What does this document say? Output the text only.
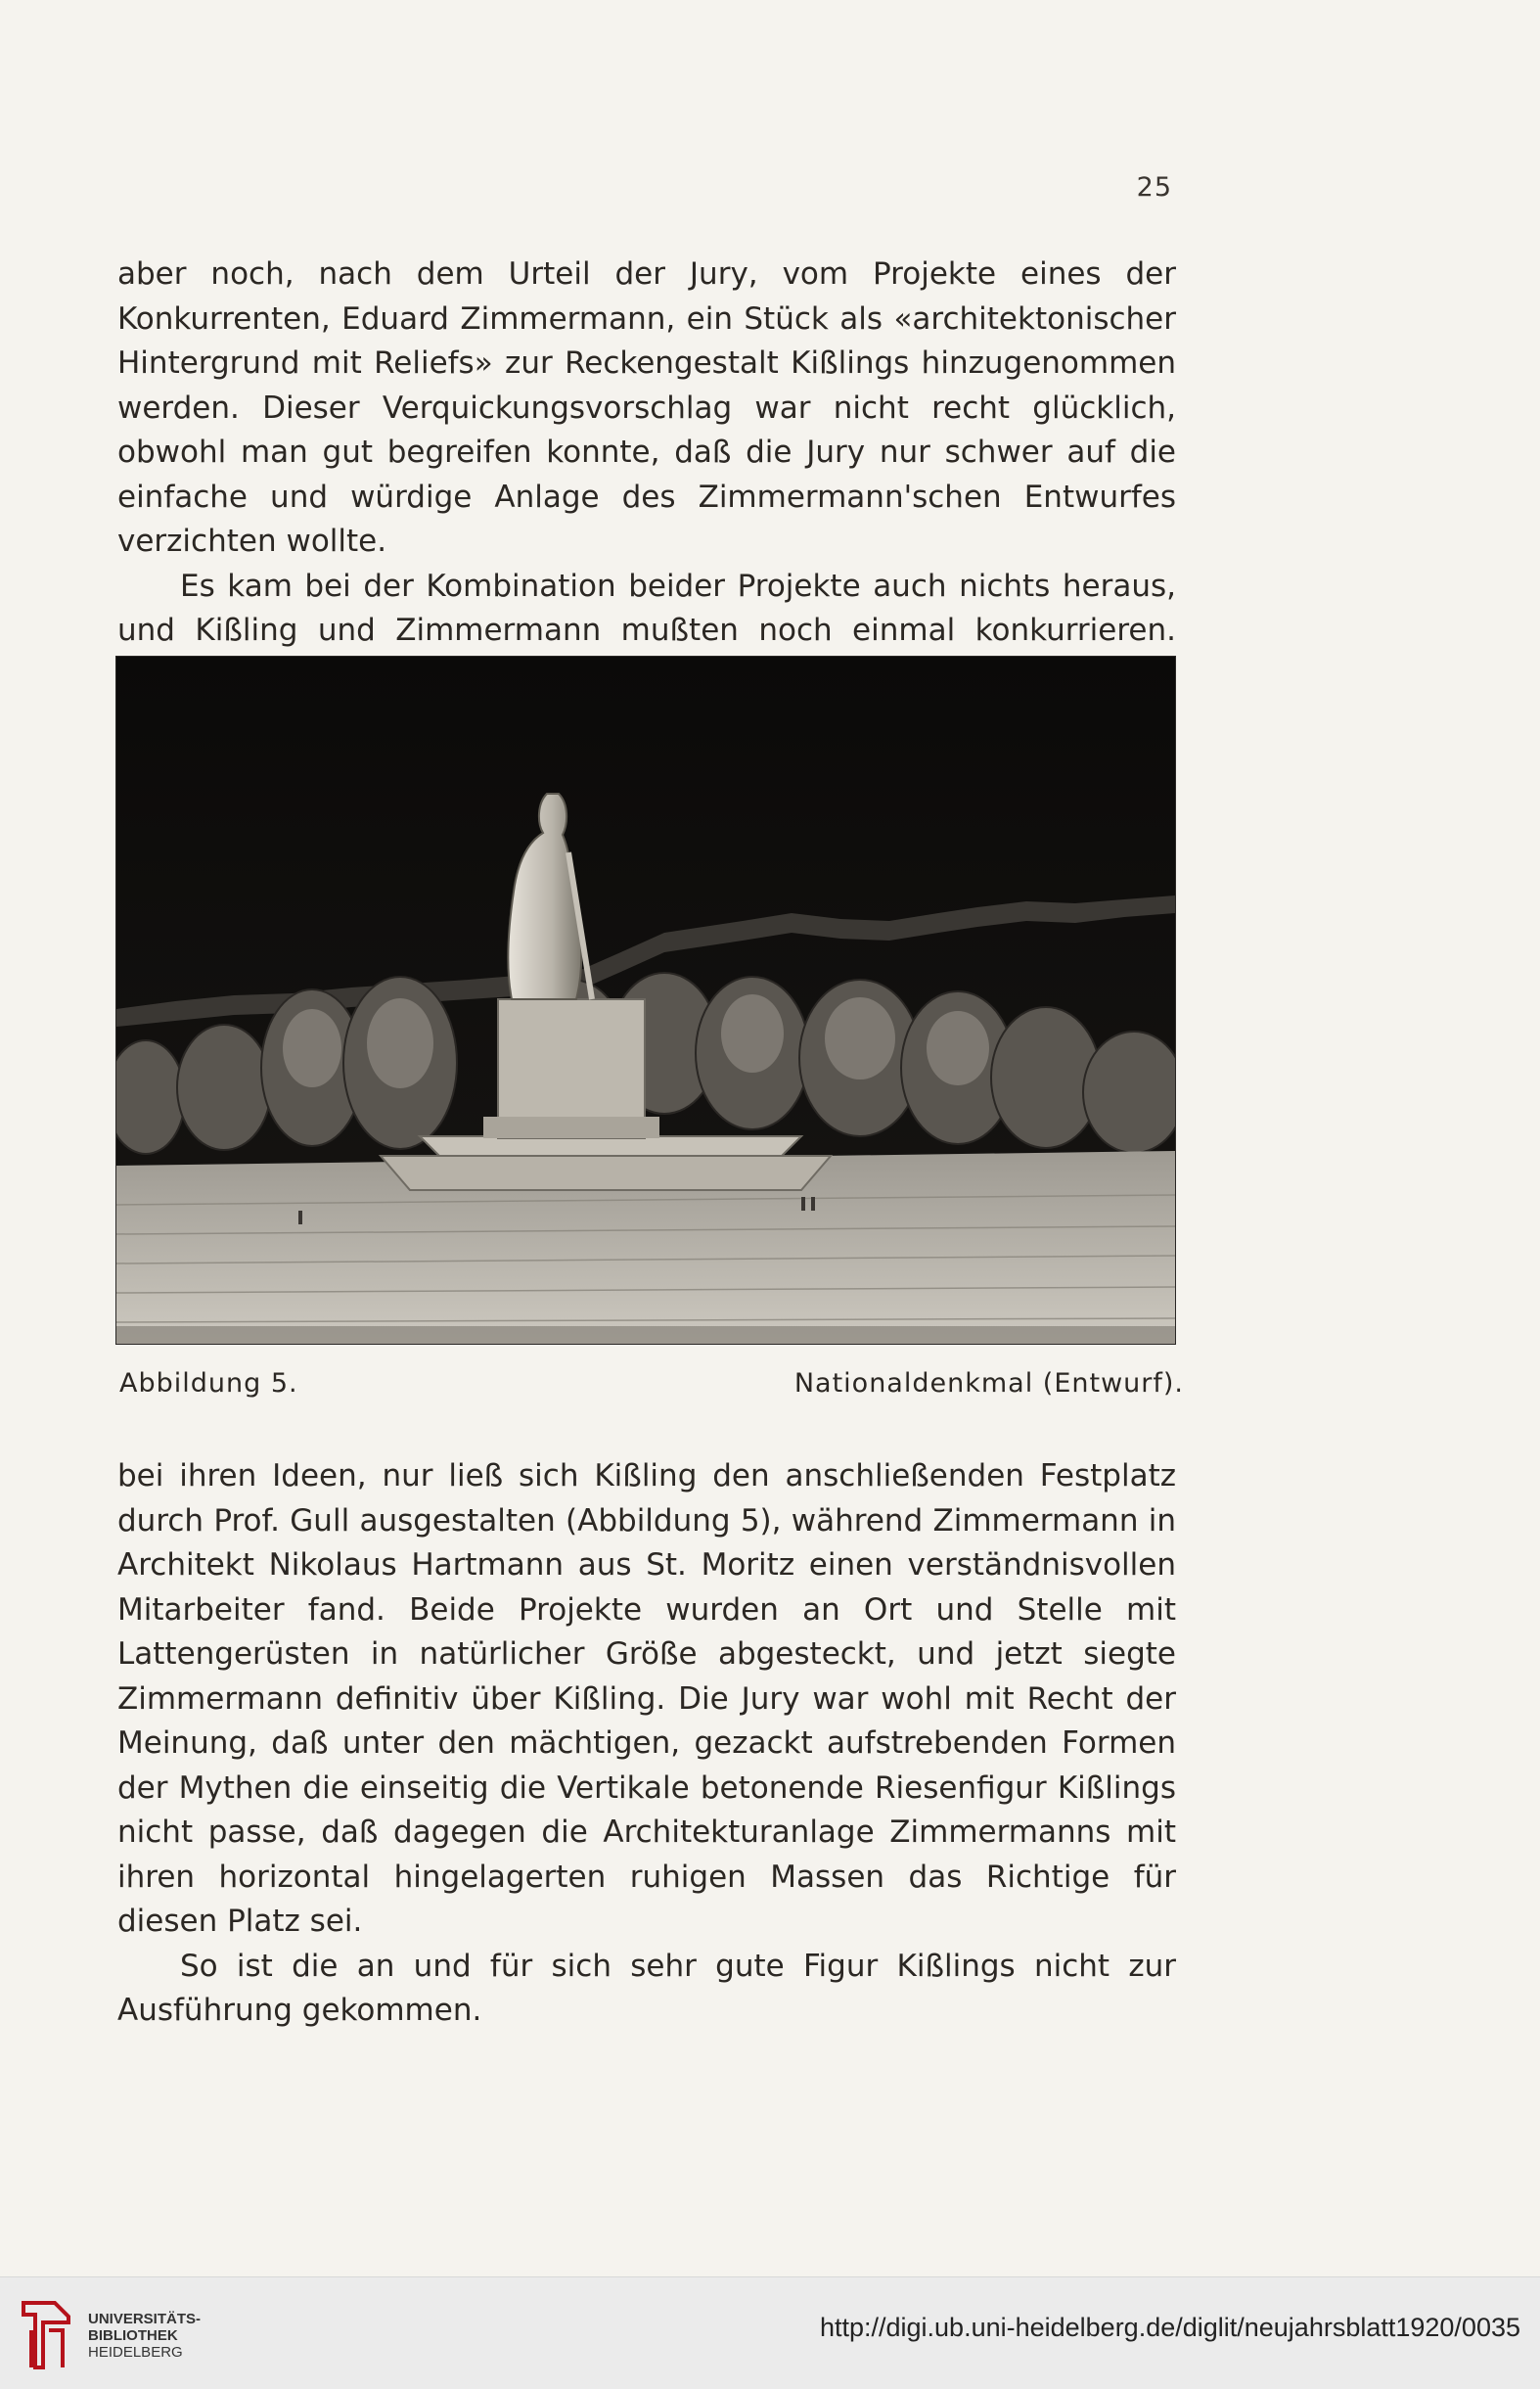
25

aber noch, nach dem Urteil der Jury, vom Projekte eines der Konkurrenten, Eduard Zimmermann, ein Stück als «architektonischer Hintergrund mit Reliefs» zur Reckengestalt Kißlings hinzugenommen werden. Dieser Verquickungsvorschlag war nicht recht glücklich, obwohl man gut begreifen konnte, daß die Jury nur schwer auf die einfache und würdige Anlage des Zimmermann'schen Entwurfes verzichten wollte.

Es kam bei der Kombination beider Projekte auch nichts heraus, und Kißling und Zimmermann mußten noch einmal konkurrieren.

Abbildung 5.	Nationaldenkmal (Entwurf).

bei ihren Ideen, nur ließ sich Kißling den anschließenden Festplatz durch Prof. Gull ausgestalten (Abbildung 5), während Zimmermann in Architekt Nikolaus Hartmann aus St. Moritz einen verständnisvollen Mitarbeiter fand. Beide Projekte wurden an Ort und Stelle mit Lattengerüsten in natürlicher Größe abgesteckt, und jetzt siegte Zimmermann definitiv über Kißling. Die Jury war wohl mit Recht der Meinung, daß unter den mächtigen, gezackt aufstrebenden Formen der Mythen die einseitig die Vertikale betonende Riesenfigur Kißlings nicht passe, daß dagegen die Architekturanlage Zimmermanns mit ihren horizontal hingelagerten ruhigen Massen das Richtige für diesen Platz sei.

So ist die an und für sich sehr gute Figur Kißlings nicht zur Ausführung gekommen.

UNIVERSITÄTS-
BIBLIOTHEK
HEIDELBERG
http://digi.ub.uni-heidelberg.de/diglit/neujahrsblatt1920/0035
